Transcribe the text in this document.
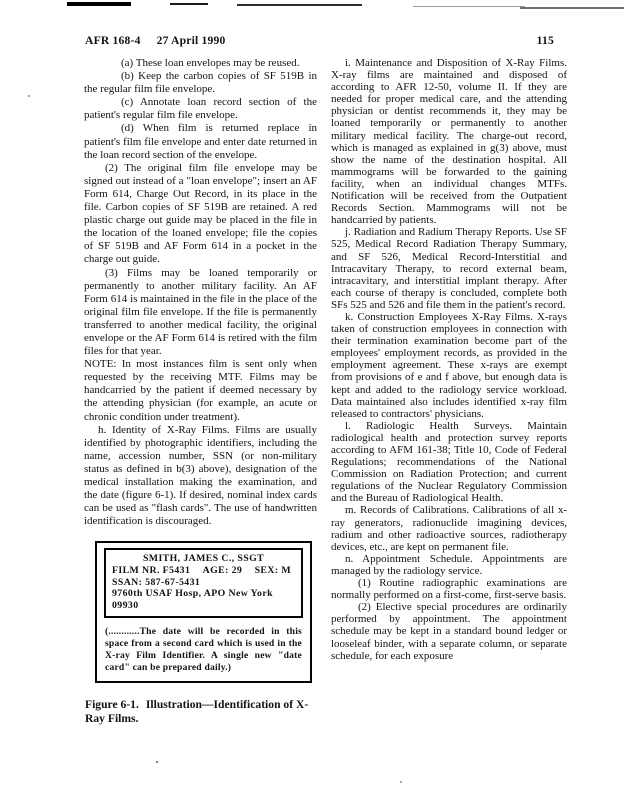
AFR 168-4 27 April 1990	115

(a) These loan envelopes may be reused.

(b) Keep the carbon copies of SF 519B in the regular film file envelope.

(c) Annotate loan record section of the patient's regular film file envelope.

(d) When film is returned replace in patient's film file envelope and enter date returned in the loan record section of the envelope.

(2) The original film file envelope may be signed out instead of a "loan envelope"; insert an AF Form 614, Charge Out Record, in its place in the file. Carbon copies of SF 519B are retained. A red plastic charge out guide may be placed in the file in the location of the loaned envelope; file the copies of SF 519B and AF Form 614 in a pocket in the charge out guide.

(3) Films may be loaned temporarily or permanently to another military facility. An AF Form 614 is maintained in the file in the place of the original film file envelope. If the file is permanently transferred to another medical facility, the original envelope or the AF Form 614 is retired with the film files for that year.

NOTE: In most instances film is sent only when requested by the receiving MTF. Films may be handcarried by the patient if deemed necessary by the attending physician (for example, an acute or chronic condition under treatment).

h. Identity of X-Ray Films. Films are usually identified by photographic identifiers, including the name, accession number, SSN (or non-military status as defined in b(3) above), designation of the medical installation making the examination, and the date (figure 6-1). If desired, nominal index cards can be used as "flash cards". The use of handwritten identification is discouraged.

SMITH, JAMES C., SSGT
FILM NR. F5431 AGE: 29 SEX: M
SSAN: 587-67-5431
9760th USAF Hosp, APO New York 09930

(............The date will be recorded in this space from a second card which is used in the X-ray Film Identifier. A single new "date card" can be prepared daily.)

Figure 6-1. Illustration—Identification of X-Ray Films.

i. Maintenance and Disposition of X-Ray Films. X-ray films are maintained and disposed of according to AFR 12-50, volume II. If they are needed for proper medical care, and the attending physician or dentist recommends it, they may be loaned temporarily or permanently to another military medical facility. The charge-out record, which is managed as explained in g(3) above, must show the name of the destination hospital. All mammograms will be forwarded to the gaining facility, when an individual changes MTFs. Notification will be received from the Outpatient Records Section. Mammograms will not be handcarried by patients.

j. Radiation and Radium Therapy Reports. Use SF 525, Medical Record Radiation Therapy Summary, and SF 526, Medical Record-Interstitial and Intracavitary Therapy, to record external beam, intracavitary, and interstitial implant therapy. After each course of therapy is concluded, complete both SFs 525 and 526 and file them in the patient's record.

k. Construction Employees X-Ray Films. X-rays taken of construction employees in connection with their termination examination become part of the employees' employment records, as provided in the employment agreement. These x-rays are exempt from provisions of e and f above, but enough data is kept and added to the radiology service workload. Data maintained also includes identified x-ray film released to contractors' physicians.

l. Radiologic Health Surveys. Maintain radiological health and protection survey reports according to AFM 161-38; Title 10, Code of Federal Regulations; recommendations of the National Commission on Radiation Protection; and current regulations of the Nuclear Regulatory Commission and the Bureau of Radiological Health.

m. Records of Calibrations. Calibrations of all x-ray generators, radionuclide imagining devices, radium and other radioactive sources, radiotherapy devices, etc., are kept on permanent file.

n. Appointment Schedule. Appointments are managed by the radiology service.

(1) Routine radiographic examinations are normally performed on a first-come, first-serve basis.

(2) Elective special procedures are ordinarily performed by appointment. The appointment schedule may be kept in a standard bound ledger or looseleaf binder, with a separate column, or separate schedule, for each exposure
